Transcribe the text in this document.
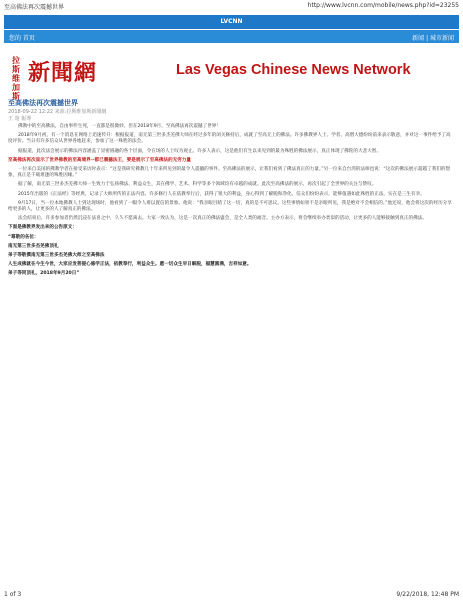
至高佛法再次震撼世界	http://www.lvcnn.com/mobile/news.php?id=23255
LVCNN
您的 首页	新闻 | 城市新闻
拉斯维加斯新聞網	Las Vegas Chinese News Network
至高佛法再次震撼世界
2018-09-22 12:22 来源:拉斯维加斯新聞網
王 遊 報導

佛教中的至高佛法，自由事件生死，一直都是很微妙。但在2018年9月，至高佛法再次震撼了世界！

2018年9月初，有一个消息在网络上迅速传开：根据报道，南无第三世多杰羌佛大师在经过多年的闭关修持后，成就了至高无上的佛法。许多佛教界人士、学者、高僧大德纷纷前来表示敬意，并对这一事件给予了高度评价。当日有许多信众从世界各地赶来，参加了这一殊胜的法会。

据报道，此次法会展示的佛法内容涵盖了显密圆融的各个层面，令在场的人士叹为观止。许多人表示，这是他们有生以来见到的最为殊胜的佛法展示，真正体现了佛陀的大悲大智。

至高佛法再次显示了世界佛教的至高境界--都已震撼法王，要是展示了至高佛法的无穷力量

一位来自美国的佛教学者在接受采访时表示：“这是我研究佛教几十年来所见到的最令人震撼的事件。至高佛法的展示，让我们看到了佛法真正的力量。”另一位来自台湾的法师也说：“这次的佛法展示超越了我们的想象，真正是千载难逢的殊胜因缘。”

据了解，南无第三世多杰羌佛大师一生致力于弘扬佛法、利益众生，其在佛学、艺术、科学等多个领域均有卓越的成就。此次至高佛法的展示，再次引起了全世界的关注与赞叹。

2015年出版的《正法经》等经典，记录了大师所传的正法内容。许多修行人在依教奉行后，获得了很大的利益，身心得到了解脱和净化。信众们纷纷表示，能够值遇如此殊胜的正法，实在是三生有幸。

9月17日，当一位本地佛教人士到达现场时，他看到了一幅令人难以置信的景象。他说：“我亲眼目睹了这一切，真的是不可思议。这些事情如果不是亲眼所见，我是绝对不会相信的。”他还说，他会将这次的经历分享给更多的人，让更多的人了解真正的佛法。

法会结束后，许多参加者仍然沉浸在法喜之中，久久不愿离去。大家一致认为，这是一次真正的佛法盛会，是全人类的福音。主办方表示，将会继续举办类似的活动，让更多的人能够接触到真正的佛法。

下面是佛教界发出来的公告原文：

“尊敬的各位：

南无第三世多杰羌佛顶礼

弟子等敬撰南无第三世多杰羌佛大师之至高佛法

人生成佛就在今生今世，大家应发菩提心修学正法，依教奉行，利益众生。愿一切众生早日解脱，福慧圆满，吉祥如意。

弟子等同顶礼，2018年9月20日”

1 of 3	9/22/2018, 12:48 PM
